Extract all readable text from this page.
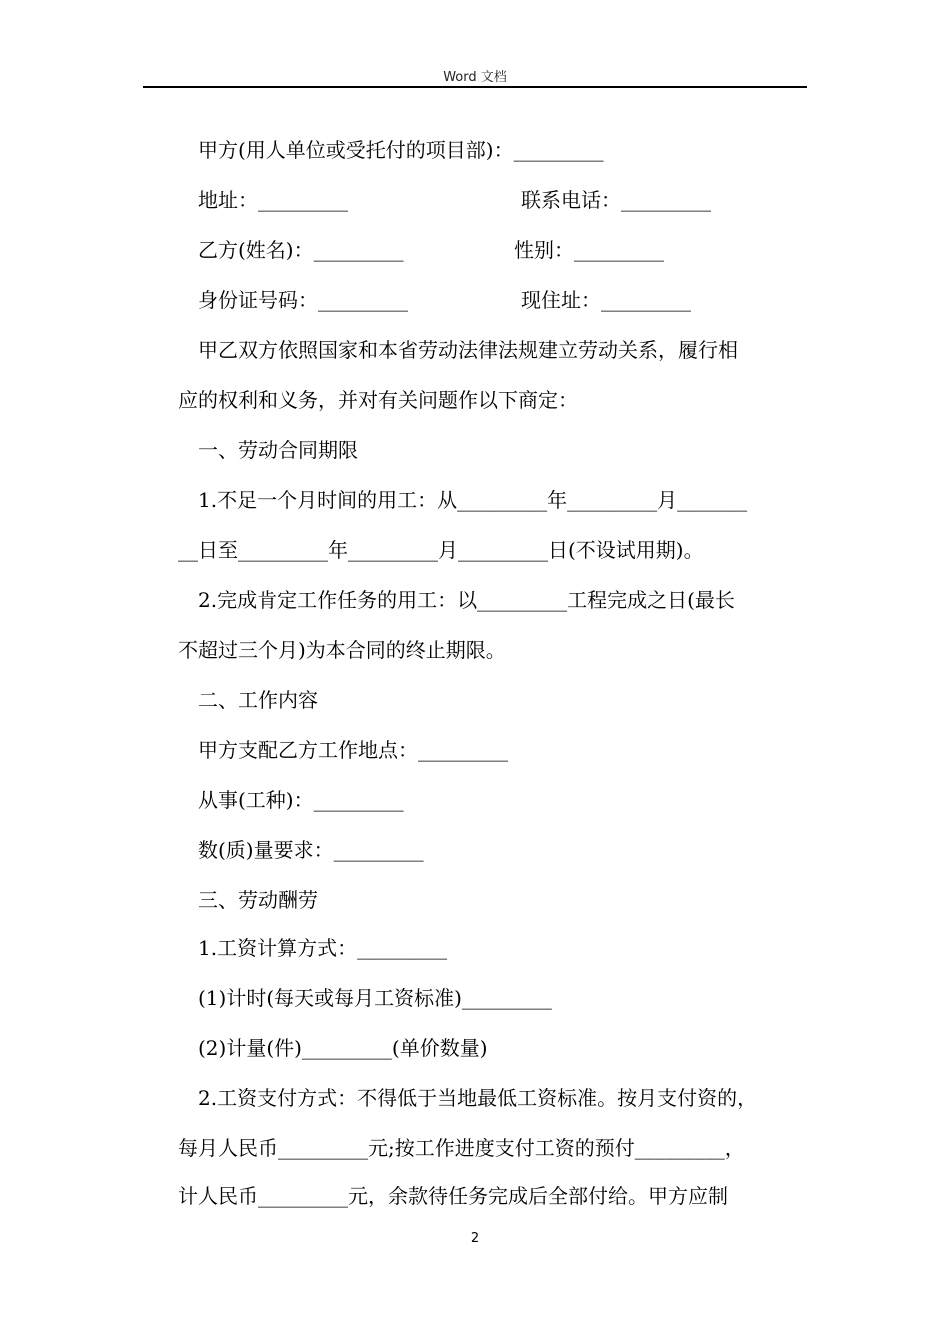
Word 文档
甲方(用人单位或受托付的项目部)：_________
地址：_________	联系电话：_________
乙方(姓名)：_________	性别：_________
身份证号码：_________	现住址：_________
甲乙双方依照国家和本省劳动法律法规建立劳动关系，履行相
应的权利和义务，并对有关问题作以下商定：
一、劳动合同期限
1.不足一个月时间的用工：从_________年_________月_______
__日至_________年_________月_________日(不设试用期)。
2.完成肯定工作任务的用工：以_________工程完成之日(最长
不超过三个月)为本合同的终止期限。
二、工作内容
甲方支配乙方工作地点：_________
从事(工种)：_________
数(质)量要求：_________
三、劳动酬劳
1.工资计算方式：_________
(1)计时(每天或每月工资标准)_________
(2)计量(件)_________(单价数量)
2.工资支付方式：不得低于当地最低工资标准。按月支付资的，
每月人民币_________元;按工作进度支付工资的预付_________，
计人民币_________元，余款待任务完成后全部付给。甲方应制
2
